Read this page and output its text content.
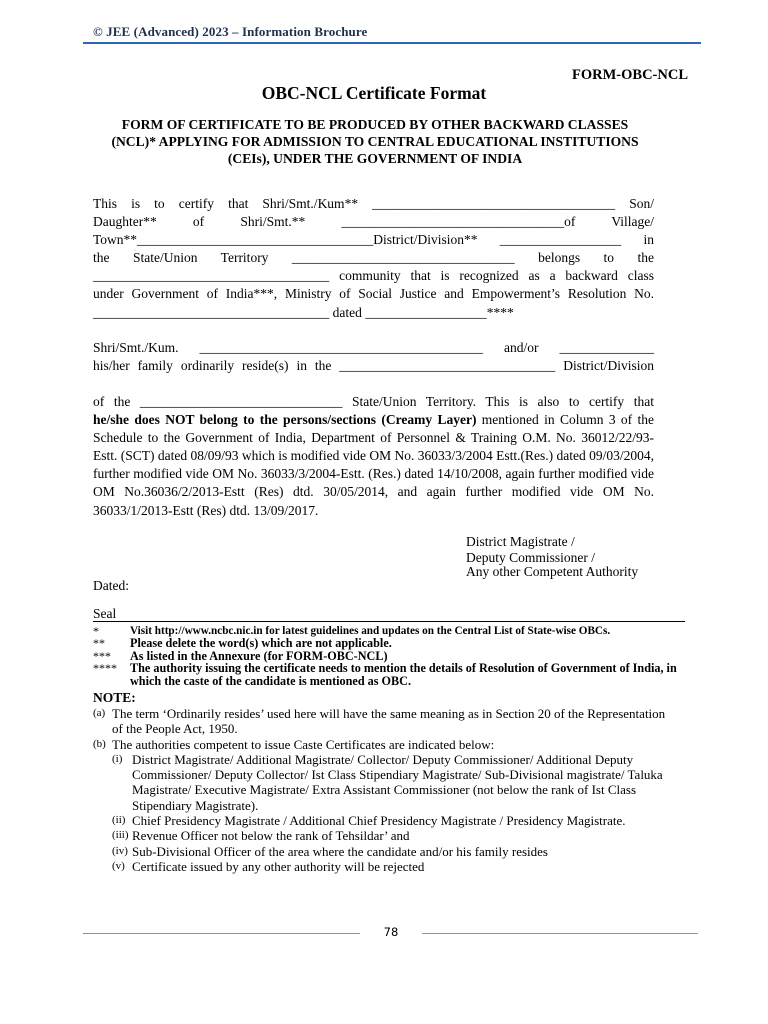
© JEE (Advanced) 2023 – Information Brochure
FORM-OBC-NCL
OBC-NCL Certificate Format
FORM OF CERTIFICATE TO BE PRODUCED BY OTHER BACKWARD CLASSES (NCL)* APPLYING FOR ADMISSION TO CENTRAL EDUCATIONAL INSTITUTIONS (CEIs), UNDER THE GOVERNMENT OF INDIA
This is to certify that Shri/Smt./Kum** ____________________________________ Son/
Daughter** of Shri/Smt.** _________________________________of Village/
Town**___________________________________District/Division** __________________ in
the State/Union Territory _________________________________ belongs to the
___________________________________ community that is recognized as a backward class
under Government of India***, Ministry of Social Justice and Empowerment’s Resolution No.
___________________________________ dated __________________****
Shri/Smt./Kum. __________________________________________ and/or ______________
his/her family ordinarily reside(s) in the ________________________________ District/Division
of the ______________________________ State/Union Territory. This is also to certify that

he/she does NOT belong to the persons/sections (Creamy Layer) mentioned in Column 3 of the Schedule to the Government of India, Department of Personnel & Training O.M. No. 36012/22/93- Estt. (SCT) dated 08/09/93 which is modified vide OM No. 36033/3/2004 Estt.(Res.) dated 09/03/2004, further modified vide OM No. 36033/3/2004-Estt. (Res.) dated 14/10/2008, again further modified vide OM No.36036/2/2013-Estt (Res) dtd. 30/05/2014, and again further modified vide OM No. 36033/1/2013-Estt (Res) dtd. 13/09/2017.

District Magistrate /
Deputy Commissioner /
Any other Competent Authority
Dated:
Seal
*	Visit http://www.ncbc.nic.in for latest guidelines and updates on the Central List of State-wise OBCs.
**	Please delete the word(s) which are not applicable.
***	As listed in the Annexure (for FORM-OBC-NCL)
****	The authority issuing the certificate needs to mention the details of Resolution of Government of India, in which the caste of the candidate is mentioned as OBC.
NOTE:
(a) The term ‘Ordinarily resides’ used here will have the same meaning as in Section 20 of the Representation of the People Act, 1950.
(b) The authorities competent to issue Caste Certificates are indicated below:
(i) District Magistrate/ Additional Magistrate/ Collector/ Deputy Commissioner/ Additional Deputy Commissioner/ Deputy Collector/ Ist Class Stipendiary Magistrate/ Sub-Divisional magistrate/ Taluka Magistrate/ Executive Magistrate/ Extra Assistant Commissioner (not below the rank of Ist Class Stipendiary Magistrate).
(ii) Chief Presidency Magistrate / Additional Chief Presidency Magistrate / Presidency Magistrate.
(iii) Revenue Officer not below the rank of Tehsildar’ and
(iv) Sub-Divisional Officer of the area where the candidate and/or his family resides
(v) Certificate issued by any other authority will be rejected
78
